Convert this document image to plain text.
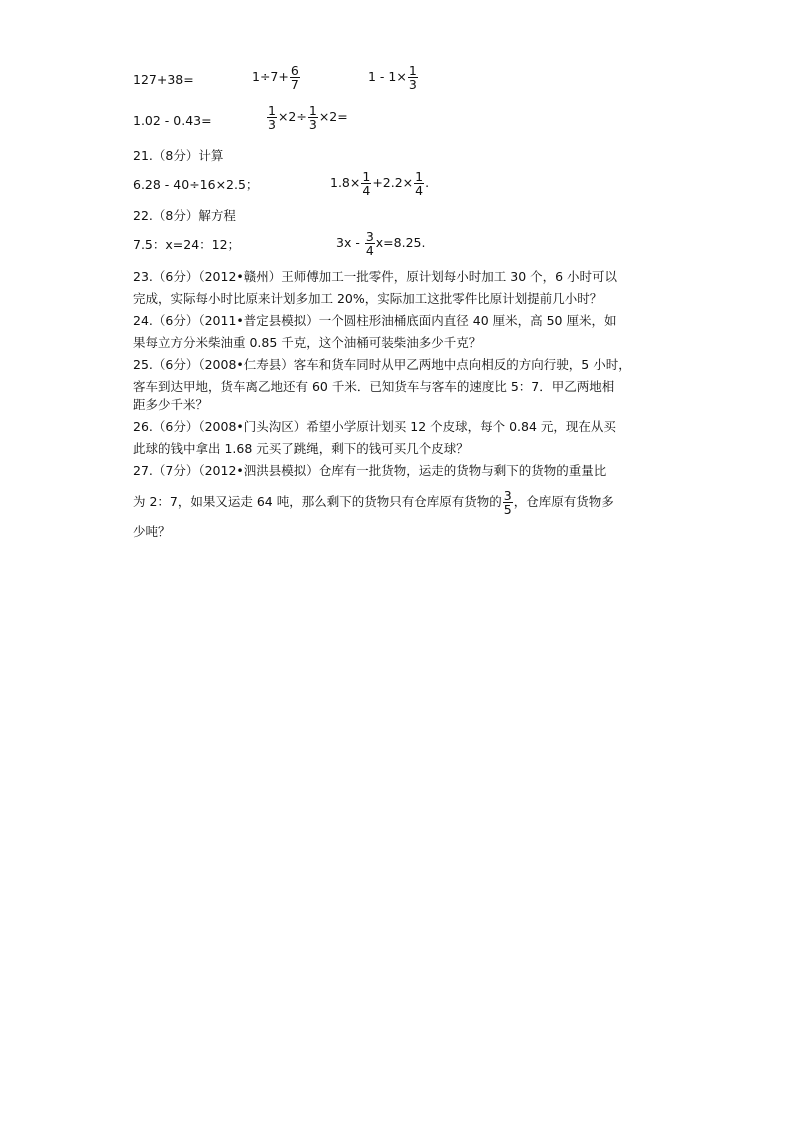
127+38=	$1\div 7+ \frac{6}{7}$	$1 - 1\times \frac{1}{3}$
1.02 - 0.43=	$\frac{1}{3} \times 2\div \frac{1}{3} \times 2=$
21.（8分）计算
6.28 - 40÷16×2.5；	$1.8\times \frac{1}{4} +2.2\times \frac{1}{4}$ .
22.（8分）解方程
7.5：x=24：12；	$3x - \frac{3}{4} x=8.25$.
23.（6分）（2012•赣州）王师傅加工一批零件，原计划每小时加工 30 个，6 小时可以
完成，实际每小时比原来计划多加工 20%，实际加工这批零件比原计划提前几小时？
24.（6分）（2011•普定县模拟）一个圆柱形油桶底面内直径 40 厘米，高 50 厘米，如
果每立方分米柴油重 0.85 千克，这个油桶可装柴油多少千克？
25.（6分）（2008•仁寿县）客车和货车同时从甲乙两地中点向相反的方向行驶，5 小时，
客车到达甲地，货车离乙地还有 60 千米．已知货车与客车的速度比 5：7．甲乙两地相
距多少千米？
26.（6分）（2008•门头沟区）希望小学原计划买 12 个皮球，每个 0.84 元，现在从买
此球的钱中拿出 1.68 元买了跳绳，剩下的钱可买几个皮球？
27.（7分）（2012•泗洪县模拟）仓库有一批货物，运走的货物与剩下的货物的重量比
为 2：7，如果又运走 64 吨，那么剩下的货物只有仓库原有货物的 $\frac{3}{5}$ ，仓库原有货物多
少吨？
